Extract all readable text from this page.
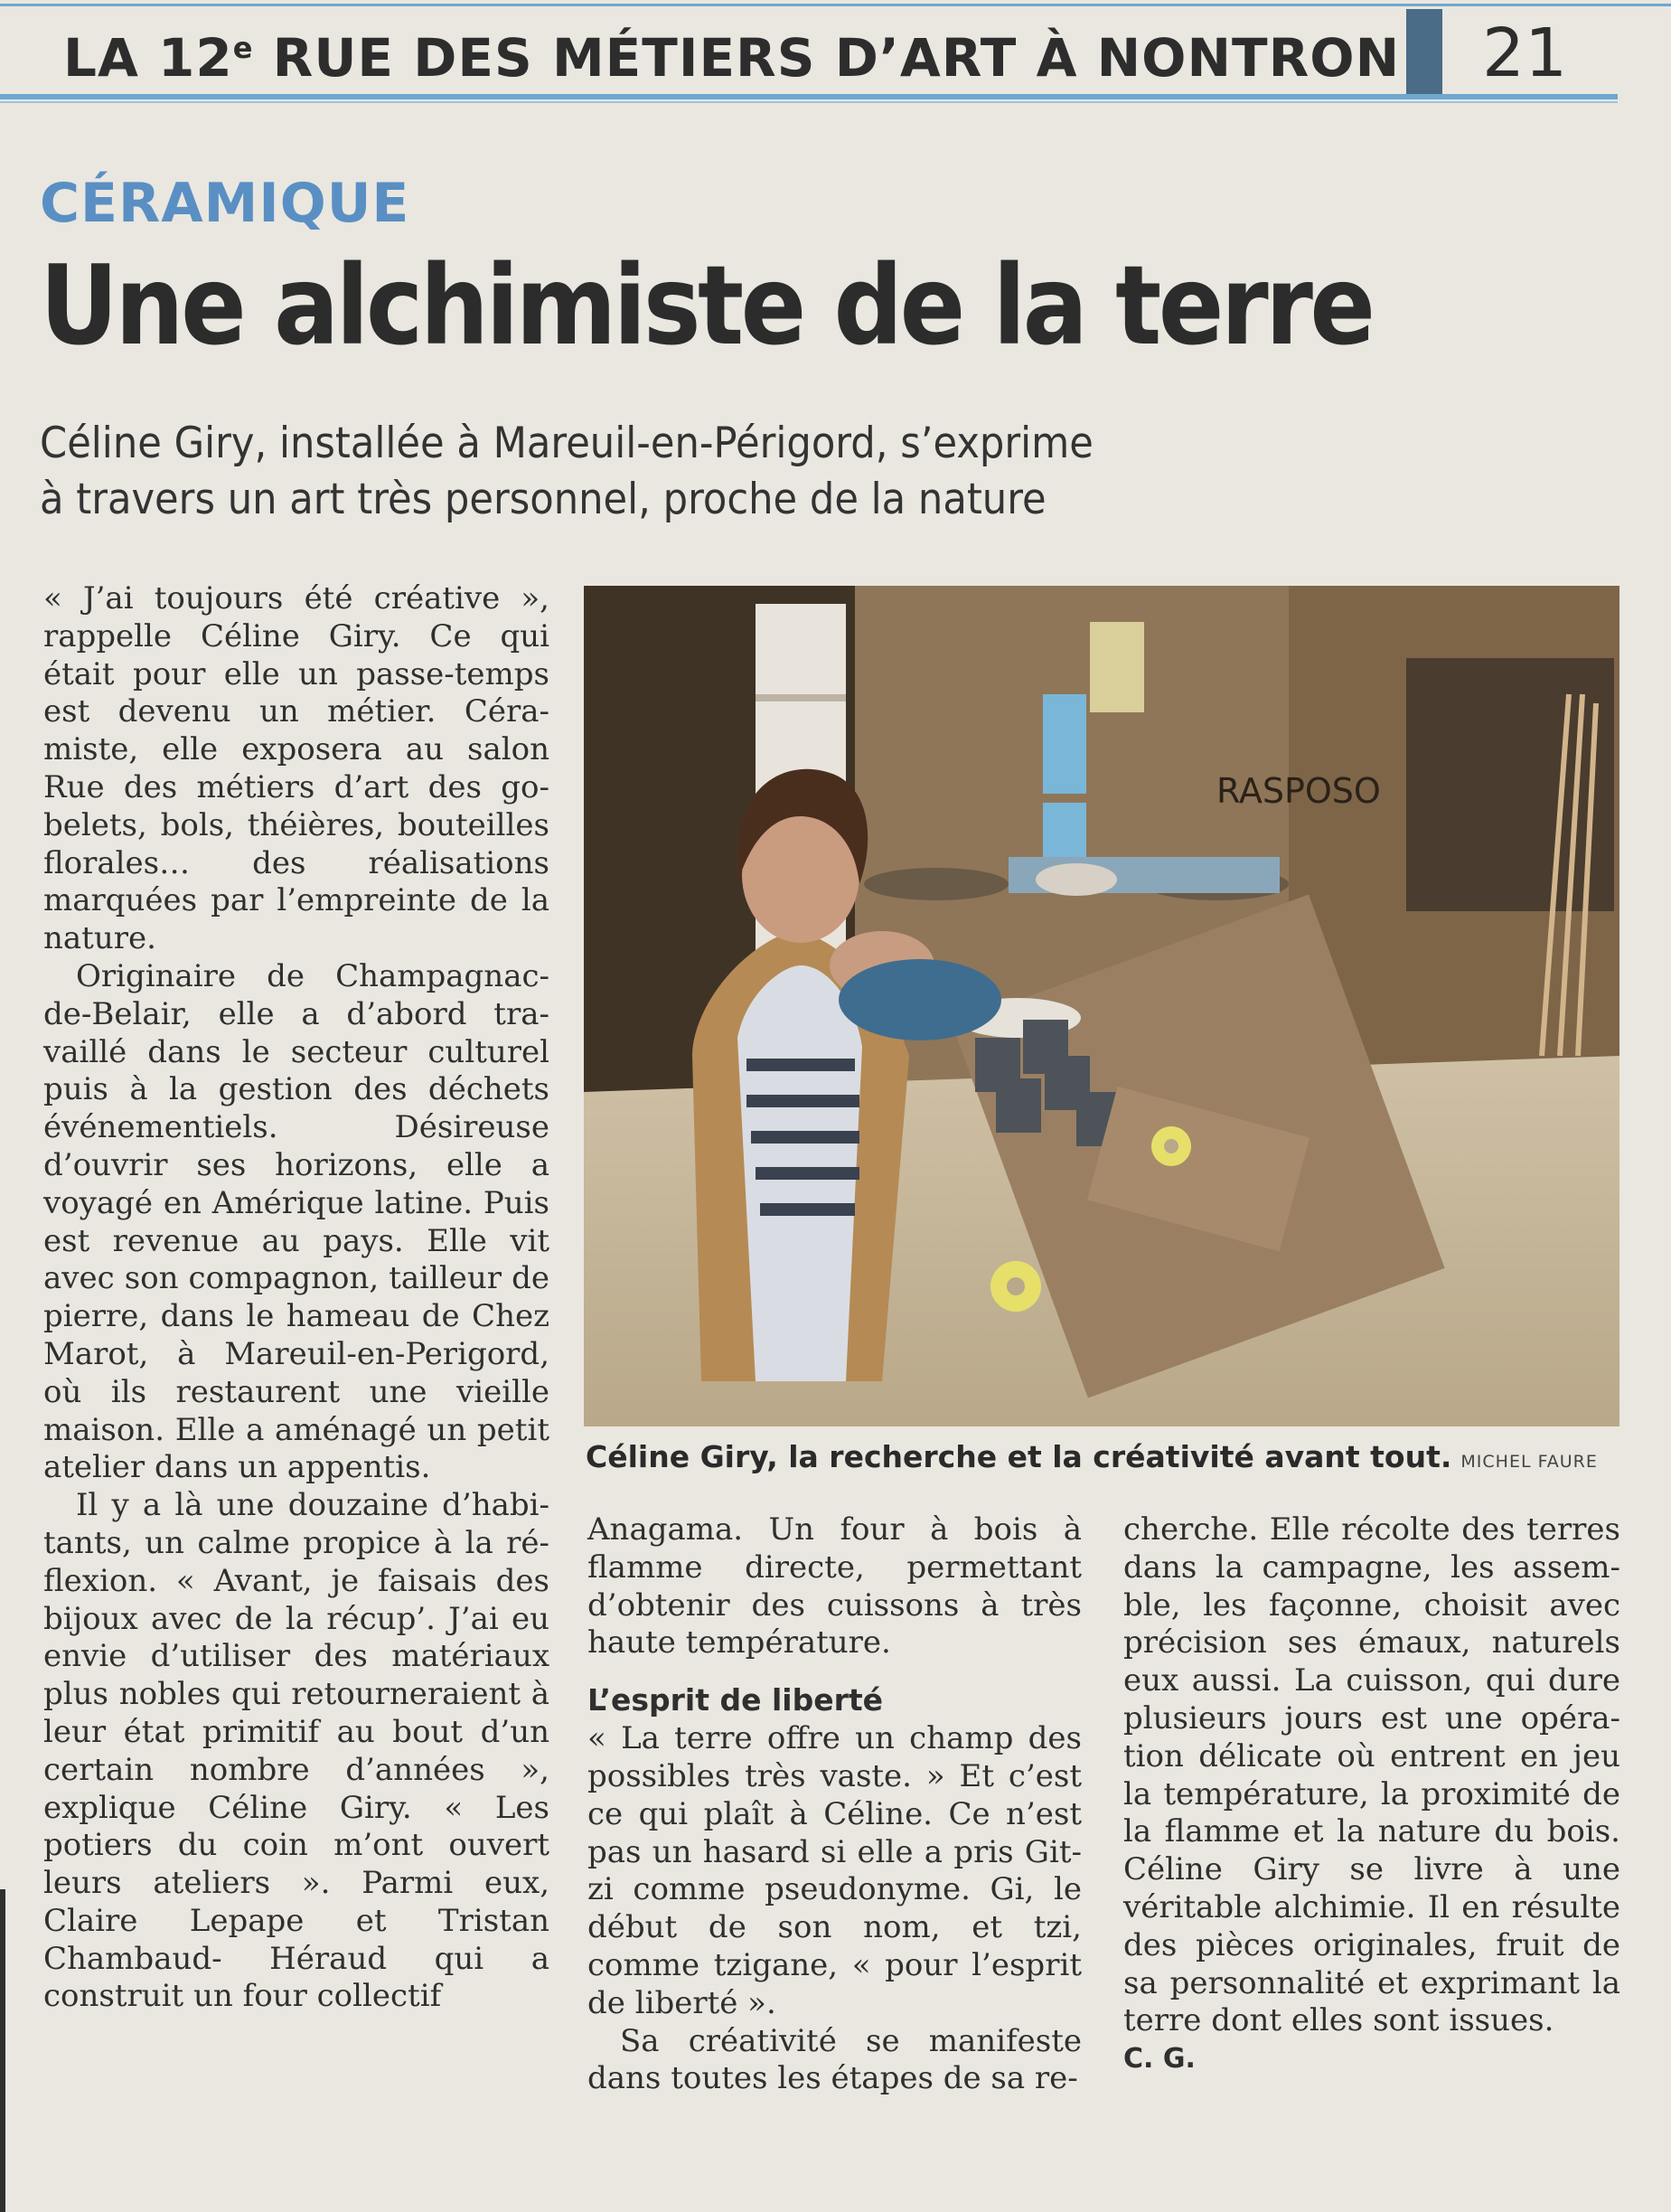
LA 12e RUE DES MÉTIERS D’ART À NONTRON 21
CÉRAMIQUE
Une alchimiste de la terre
Céline Giry, installée à Mareuil-en-Périgord, s’exprime
à travers un art très personnel, proche de la nature

« J’ai toujours été créative », rappelle Céline Giry. Ce qui était pour elle un passe-temps est devenu un métier. Céramiste, elle exposera au salon Rue des métiers d’art des gobelets, bols, théières, bouteilles florales… des réalisations marquées par l’empreinte de la nature.

Originaire de Champagnac-de-Belair, elle a d’abord travaillé dans le secteur culturel puis à la gestion des déchets événementiels. Désireuse d’ouvrir ses horizons, elle a voyagé en Amérique latine. Puis est revenue au pays. Elle vit avec son compagnon, tailleur de pierre, dans le hameau de Chez Marot, à Mareuil-en-Perigord, où ils restaurent une vieille maison. Elle a aménagé un petit atelier dans un appentis.

Il y a là une douzaine d’habitants, un calme propice à la réflexion. « Avant, je faisais des bijoux avec de la récup’. J’ai eu envie d’utiliser des matériaux plus nobles qui retourneraient à leur état primitif au bout d’un certain nombre d’années », explique Céline Giry. « Les potiers du coin m’ont ouvert leurs ateliers ». Parmi eux, Claire Lepape et Tristan Chambaud- Héraud qui a construit un four collectif

RASPOSO
Céline Giry, la recherche et la créativité avant tout. MICHEL FAURE

Anagama. Un four à bois à flamme directe, permettant d’obtenir des cuissons à très haute température.

L’esprit de liberté

« La terre offre un champ des possibles très vaste. » Et c’est ce qui plaît à Céline. Ce n’est pas un hasard si elle a pris Gitzi comme pseudonyme. Gi, le début de son nom, et tzi, comme tzigane, « pour l’esprit de liberté ».

Sa créativité se manifeste dans toutes les étapes de sa re-

cherche. Elle récolte des terres dans la campagne, les assemble, les façonne, choisit avec précision ses émaux, naturels eux aussi. La cuisson, qui dure plusieurs jours est une opération délicate où entrent en jeu la température, la proximité de la flamme et la nature du bois. Céline Giry se livre à une véritable alchimie. Il en résulte des pièces originales, fruit de sa personnalité et exprimant la terre dont elles sont issues.

C. G.
